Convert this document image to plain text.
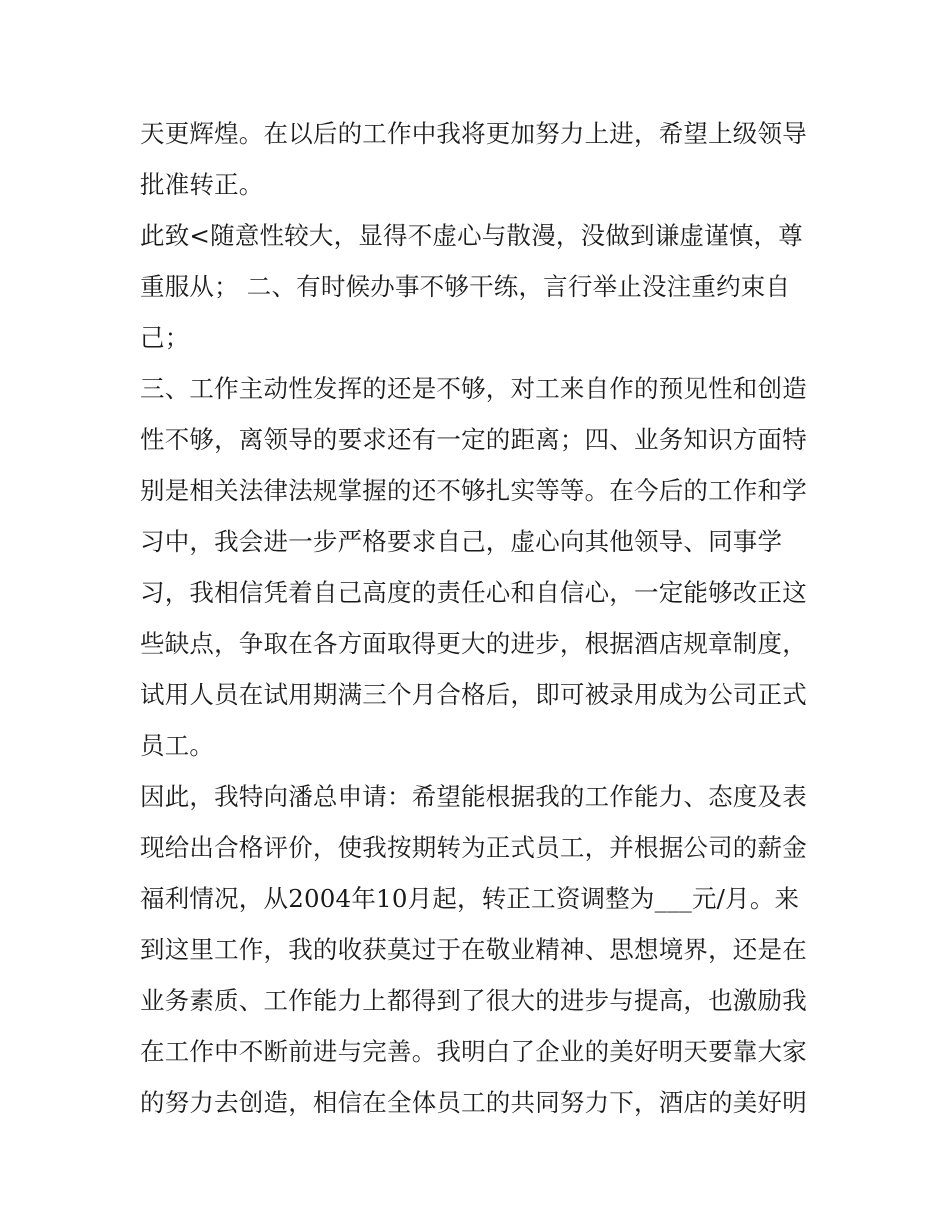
天更辉煌。在以后的工作中我将更加努力上进，希望上级领导
批准转正。
此致<随意性较大，显得不虚心与散漫，没做到谦虚谨慎，尊
重服从； 二、有时候办事不够干练，言行举止没注重约束自
己；
三、工作主动性发挥的还是不够，对工来自作的预见性和创造
性不够，离领导的要求还有一定的距离；四、业务知识方面特
别是相关法律法规掌握的还不够扎实等等。在今后的工作和学
习中，我会进一步严格要求自己，虚心向其他领导、同事学
习，我相信凭着自己高度的责任心和自信心，一定能够改正这
些缺点，争取在各方面取得更大的进步，根据酒店规章制度，
试用人员在试用期满三个月合格后，即可被录用成为公司正式
员工。
因此，我特向潘总申请：希望能根据我的工作能力、态度及表
现给出合格评价，使我按期转为正式员工，并根据公司的薪金
福利情况，从2004年10月起，转正工资调整为___元/月。来
到这里工作，我的收获莫过于在敬业精神、思想境界，还是在
业务素质、工作能力上都得到了很大的进步与提高，也激励我
在工作中不断前进与完善。我明白了企业的美好明天要靠大家
的努力去创造，相信在全体员工的共同努力下，酒店的美好明
